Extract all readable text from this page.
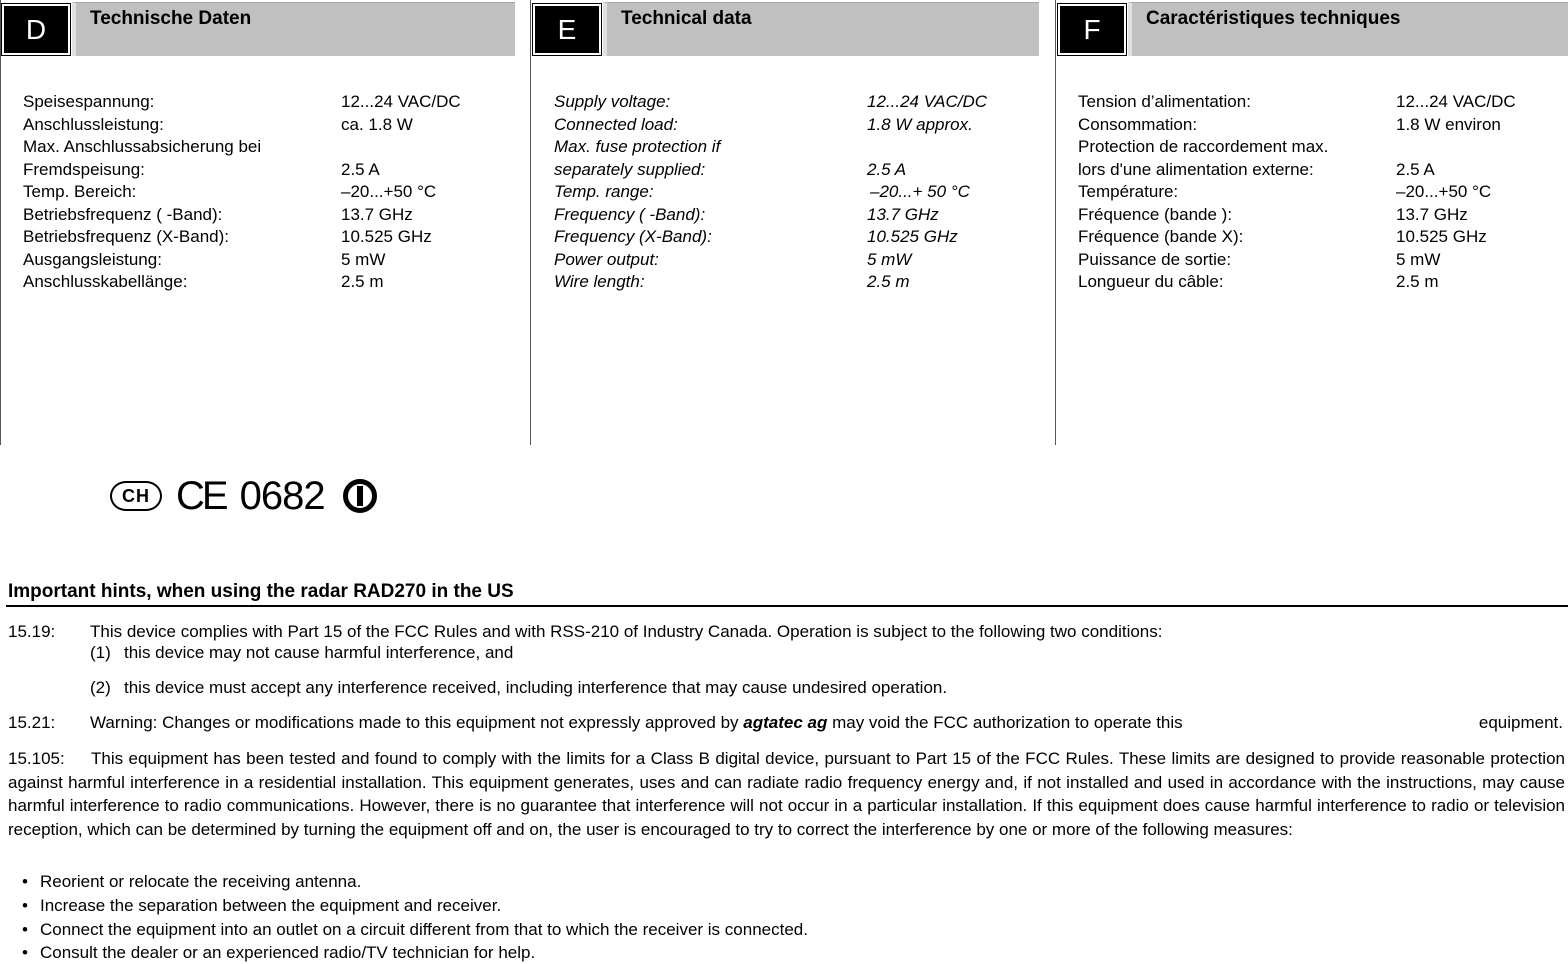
Technische Daten
D
Speisespannung:	12...24 VAC/DC
Anschlussleistung:	ca. 1.8 W
Max. Anschlussabsicherung bei
Fremdspeisung:	2.5 A
Temp. Bereich:	–20...+50 °C
Betriebsfrequenz ( -Band):	13.7 GHz
Betriebsfrequenz (X-Band):	10.525 GHz
Ausgangsleistung:	5 mW
Anschlusskabellänge:	2.5 m
Technical data
E
Supply voltage:	12...24 VAC/DC
Connected load:	1.8 W approx.
Max. fuse protection if
separately supplied:	2.5 A
Temp. range:	–20...+ 50 °C
Frequency ( -Band):	13.7 GHz
Frequency (X-Band):	10.525 GHz
Power output:	5 mW
Wire length:	2.5 m
Caractéristiques techniques
F
Tension d’alimentation:	12...24 VAC/DC
Consommation:	1.8 W environ
Protection de raccordement max.
lors d'une alimentation externe:	2.5 A
Température:	–20...+50 °C
Fréquence (bande ):	13.7 GHz
Fréquence (bande X):	10.525 GHz
Puissance de sortie:	5 mW
Longueur du câble:	2.5 m
CH CE 0682
Important hints, when using the radar RAD270 in the US
15.19: This device complies with Part 15 of the FCC Rules and with RSS-210 of Industry Canada. Operation is subject to the following two conditions:
(1) this device may not cause harmful interference, and
(2) this device must accept any interference received, including interference that may cause undesired operation.
15.21: Warning: Changes or modifications made to this equipment not expressly approved by agtatec ag may void the FCC authorization to operate this	equipment.
15.105: This equipment has been tested and found to comply with the limits for a Class B digital device, pursuant to Part 15 of the FCC Rules. These limits are designed to provide reasonable protection against harmful interference in a residential installation. This equipment generates, uses and can radiate radio frequency energy and, if not installed and used in accordance with the instructions, may cause harmful interference to radio communications. However, there is no guarantee that interference will not occur in a particular installation. If this equipment does cause harmful interference to radio or television reception, which can be determined by turning the equipment off and on, the user is encouraged to try to correct the interference by one or more of the following measures:
• Reorient or relocate the receiving antenna.
• Increase the separation between the equipment and receiver.
• Connect the equipment into an outlet on a circuit different from that to which the receiver is connected.
• Consult the dealer or an experienced radio/TV technician for help.
